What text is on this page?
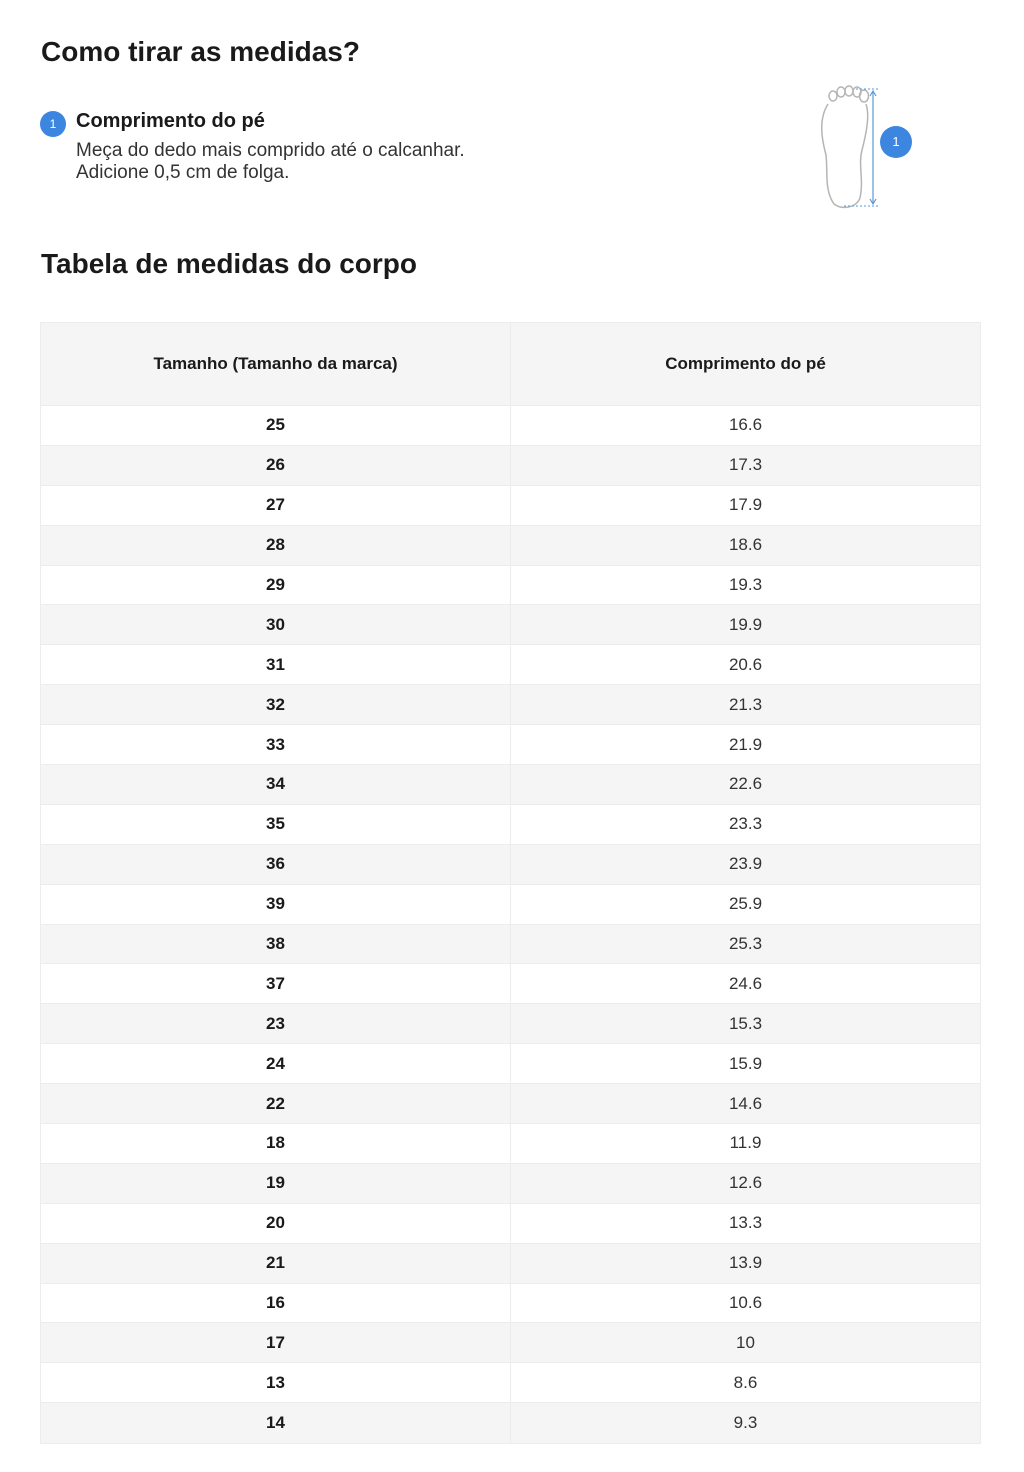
Como tirar as medidas?
1 Comprimento do pé

Meça do dedo mais comprido até o calcanhar. Adicione 0,5 cm de folga.

1
Tabela de medidas do corpo
Tamanho (Tamanho da marca)	Comprimento do pé
25	16.6
26	17.3
27	17.9
28	18.6
29	19.3
30	19.9
31	20.6
32	21.3
33	21.9
34	22.6
35	23.3
36	23.9
39	25.9
38	25.3
37	24.6
23	15.3
24	15.9
22	14.6
18	11.9
19	12.6
20	13.3
21	13.9
16	10.6
17	10
13	8.6
14	9.3
